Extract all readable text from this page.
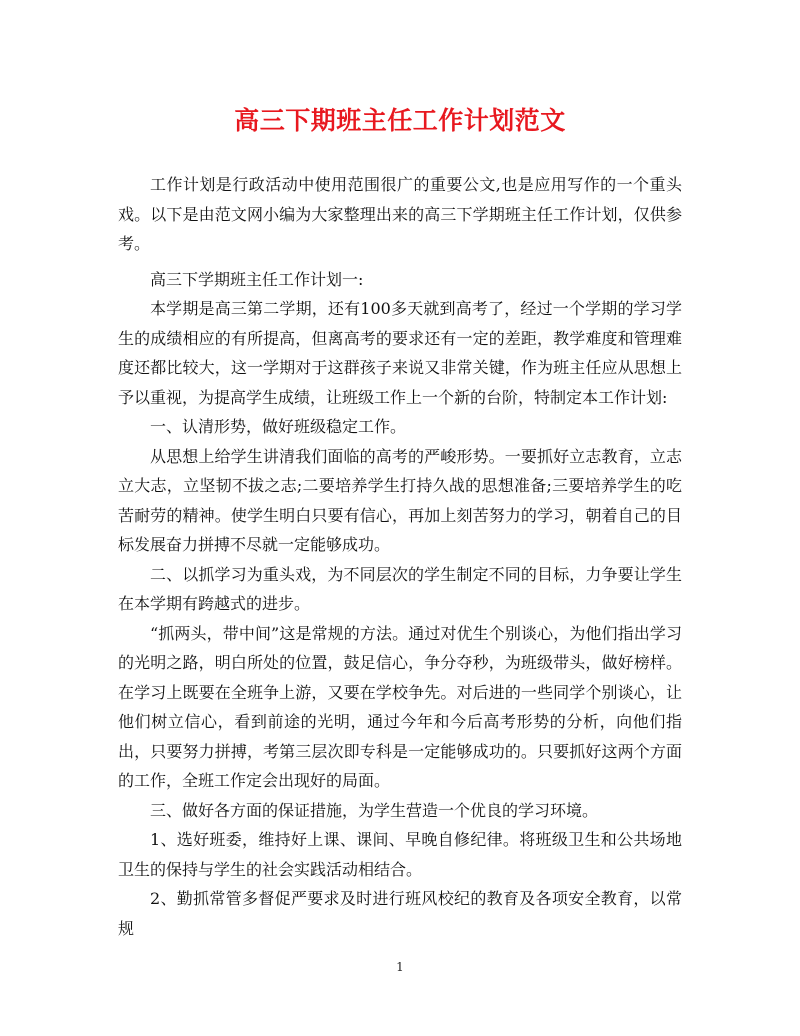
高三下期班主任工作计划范文

工作计划是行政活动中使用范围很广的重要公文,也是应用写作的一个重头戏。以下是由范文网小编为大家整理出来的高三下学期班主任工作计划，仅供参考。

高三下学期班主任工作计划一:

本学期是高三第二学期，还有100多天就到高考了，经过一个学期的学习学生的成绩相应的有所提高，但离高考的要求还有一定的差距，教学难度和管理难度还都比较大，这一学期对于这群孩子来说又非常关键，作为班主任应从思想上予以重视，为提高学生成绩，让班级工作上一个新的台阶，特制定本工作计划:

一、认清形势，做好班级稳定工作。

从思想上给学生讲清我们面临的高考的严峻形势。一要抓好立志教育，立志立大志，立坚韧不拔之志;二要培养学生打持久战的思想准备;三要培养学生的吃苦耐劳的精神。使学生明白只要有信心，再加上刻苦努力的学习，朝着自己的目标发展奋力拼搏不尽就一定能够成功。

二、以抓学习为重头戏，为不同层次的学生制定不同的目标，力争要让学生在本学期有跨越式的进步。

“抓两头，带中间”这是常规的方法。通过对优生个别谈心，为他们指出学习的光明之路，明白所处的位置，鼓足信心，争分夺秒，为班级带头，做好榜样。在学习上既要在全班争上游，又要在学校争先。对后进的一些同学个别谈心，让他们树立信心，看到前途的光明，通过今年和今后高考形势的分析，向他们指出，只要努力拼搏，考第三层次即专科是一定能够成功的。只要抓好这两个方面的工作，全班工作定会出现好的局面。

三、做好各方面的保证措施，为学生营造一个优良的学习环境。

1、选好班委，维持好上课、课间、早晚自修纪律。将班级卫生和公共场地卫生的保持与学生的社会实践活动相结合。

2、勤抓常管多督促严要求及时进行班风校纪的教育及各项安全教育，以常规

1
